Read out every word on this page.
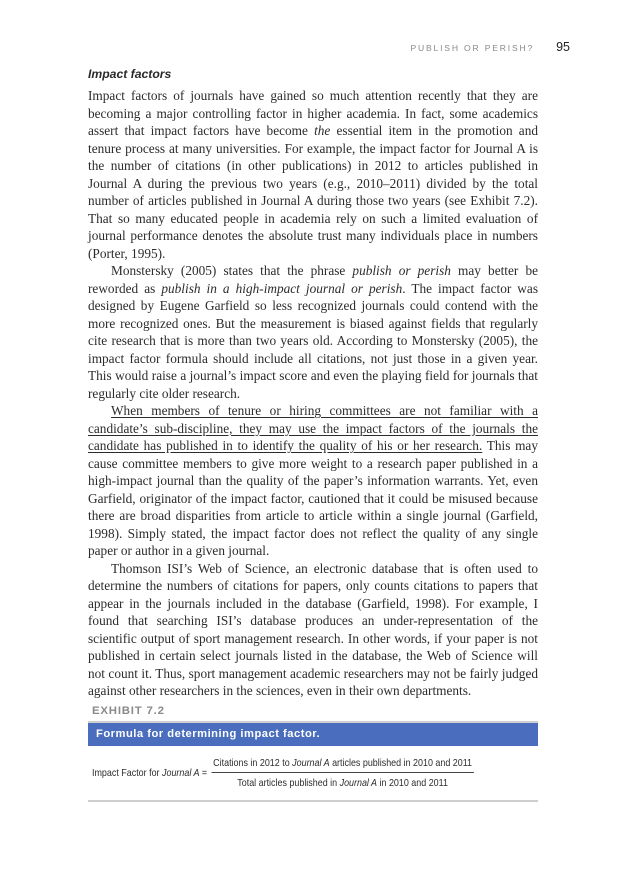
PUBLISH OR PERISH? 95
Impact factors

Impact factors of journals have gained so much attention recently that they are becoming a major controlling factor in higher academia. In fact, some academics assert that impact factors have become the essential item in the promotion and tenure process at many universities. For example, the impact factor for Journal A is the number of citations (in other publications) in 2012 to articles published in Journal A during the previous two years (e.g., 2010–2011) divided by the total number of articles published in Journal A during those two years (see Exhibit 7.2). That so many educated people in academia rely on such a limited evaluation of journal performance denotes the absolute trust many individuals place in numbers (Porter, 1995).

Monstersky (2005) states that the phrase publish or perish may better be reworded as publish in a high-impact journal or perish. The impact factor was designed by Eugene Garfield so less recognized journals could contend with the more recognized ones. But the measurement is biased against fields that regularly cite research that is more than two years old. According to Monstersky (2005), the impact factor formula should include all citations, not just those in a given year. This would raise a journal’s impact score and even the playing field for journals that regularly cite older research.

When members of tenure or hiring committees are not familiar with a candidate’s sub-discipline, they may use the impact factors of the journals the candidate has published in to identify the quality of his or her research. This may cause committee members to give more weight to a research paper published in a high-impact journal than the quality of the paper’s information warrants. Yet, even Garfield, originator of the impact factor, cautioned that it could be misused because there are broad disparities from article to article within a single journal (Garfield, 1998). Simply stated, the impact factor does not reflect the quality of any single paper or author in a given journal.

Thomson ISI’s Web of Science, an electronic database that is often used to determine the numbers of citations for papers, only counts citations to papers that appear in the journals included in the database (Garfield, 1998). For example, I found that searching ISI’s database produces an under-representation of the scientific output of sport management research. In other words, if your paper is not published in certain select journals listed in the database, the Web of Science will not count it. Thus, sport management academic researchers may not be fairly judged against other researchers in the sciences, even in their own departments.

EXHIBIT 7.2
Formula for determining impact factor.
Impact Factor for Journal A =
Citations in 2012 to Journal A articles published in 2010 and 2011
Total articles published in Journal A in 2010 and 2011
